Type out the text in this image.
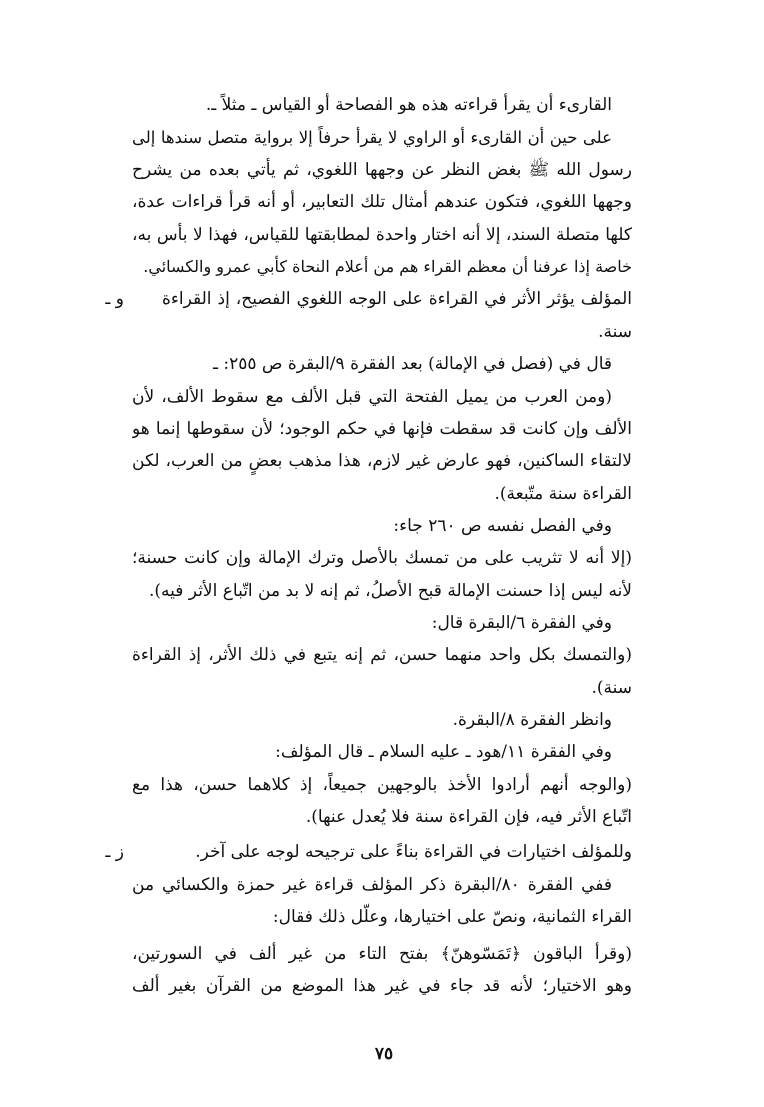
القارىء أن يقرأ قراءته هذه هو الفصاحة أو القياس ـ مثلاً ـ.
على حين أن القارىء أو الراوي لا يقرأ حرفاً إلا برواية متصل سندها إلى
رسول الله ﷺ بغض النظر عن وجهها اللغوي، ثم يأتي بعده من يشرح
وجهها اللغوي، فتكون عندهم أمثال تلك التعابير، أو أنه قرأ قراءات عدة،
كلها متصلة السند، إلا أنه اختار واحدة لمطابقتها للقياس، فهذا لا بأس به،
خاصة إذا عرفنا أن معظم القراء هم من أعلام النحاة كأبي عمرو والكسائي.
و ـ المؤلف يؤثر الأثر في القراءة على الوجه اللغوي الفصيح، إذ القراءة
سنة.
قال في (فصل في الإمالة) بعد الفقرة ٩/البقرة ص ٢٥٥: ـ
(ومن العرب من يميل الفتحة التي قبل الألف مع سقوط الألف، لأن
الألف وإن كانت قد سقطت فإنها في حكم الوجود؛ لأن سقوطها إنما هو
لالتقاء الساكنين، فهو عارض غير لازم، هذا مذهب بعضٍ من العرب، لكن
القراءة سنة متّبعة).
وفي الفصل نفسه ص ٢٦٠ جاء:
(إلا أنه لا تثريب على من تمسك بالأصل وترك الإمالة وإن كانت حسنة؛
لأنه ليس إذا حسنت الإمالة قبح الأصلُ، ثم إنه لا بد من اتّباع الأثر فيه).
وفي الفقرة ٦/البقرة قال:
(والتمسك بكل واحد منهما حسن، ثم إنه يتبع في ذلك الأثر، إذ القراءة
سنة).
وانظر الفقرة ٨/البقرة.
وفي الفقرة ١١/هود ـ عليه السلام ـ قال المؤلف:
(والوجه أنهم أرادوا الأخذ بالوجهين جميعاً، إذ كلاهما حسن، هذا مع
اتّباع الأثر فيه، فإن القراءة سنة فلا يُعدل عنها).
ز ـ	وللمؤلف اختيارات في القراءة بناءً على ترجيحه لوجه على آخر.
ففي الفقرة ٨٠/البقرة ذكر المؤلف قراءة غير حمزة والكسائي من
القراء الثمانية، ونصّ على اختيارها، وعلّل ذلك فقال:
(وقرأ الباقون ﴿تَمَسّوهنّ﴾ بفتح التاء من غير ألف في السورتين،
وهو الاختيار؛ لأنه قد جاء في غير هذا الموضع من القرآن بغير ألف
٧٥
